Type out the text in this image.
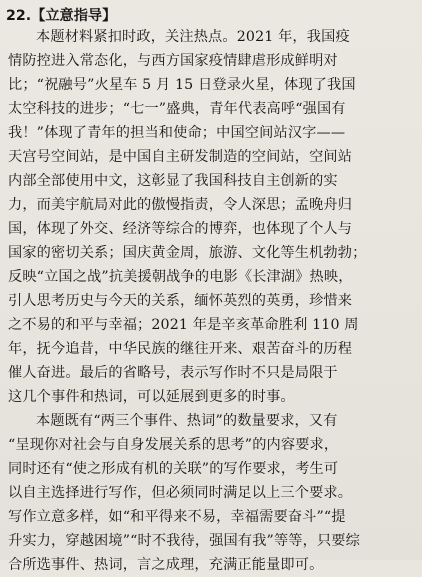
22.【立意指导】
本题材料紧扣时政，关注热点。2021 年，我国疫
情防控进入常态化，与西方国家疫情肆虐形成鲜明对
比；“祝融号”火星车 5 月 15 日登录火星，体现了我国
太空科技的进步；“七一”盛典，青年代表高呼“强国有
我！”体现了青年的担当和使命；中国空间站汉字——
天宫号空间站，是中国自主研发制造的空间站，空间站
内部全部使用中文，这彰显了我国科技自主创新的实
力，而美宇航局对此的傲慢指责，令人深思；孟晚舟归
国，体现了外交、经济等综合的博弈，也体现了个人与
国家的密切关系；国庆黄金周，旅游、文化等生机勃勃；
反映“立国之战”抗美援朝战争的电影《长津湖》热映，
引人思考历史与今天的关系，缅怀英烈的英勇，珍惜来
之不易的和平与幸福；2021 年是辛亥革命胜利 110 周
年，抚今追昔，中华民族的继往开来、艰苦奋斗的历程
催人奋进。最后的省略号，表示写作时不只是局限于
这几个事件和热词，可以延展到更多的时事。
本题既有“两三个事件、热词”的数量要求，又有
“呈现你对社会与自身发展关系的思考”的内容要求，
同时还有“使之形成有机的关联”的写作要求，考生可
以自主选择进行写作，但必须同时满足以上三个要求。
写作立意多样，如“和平得来不易，幸福需要奋斗”“提
升实力，穿越困境”“时不我待，强国有我”等等，只要综
合所选事件、热词，言之成理，充满正能量即可。
